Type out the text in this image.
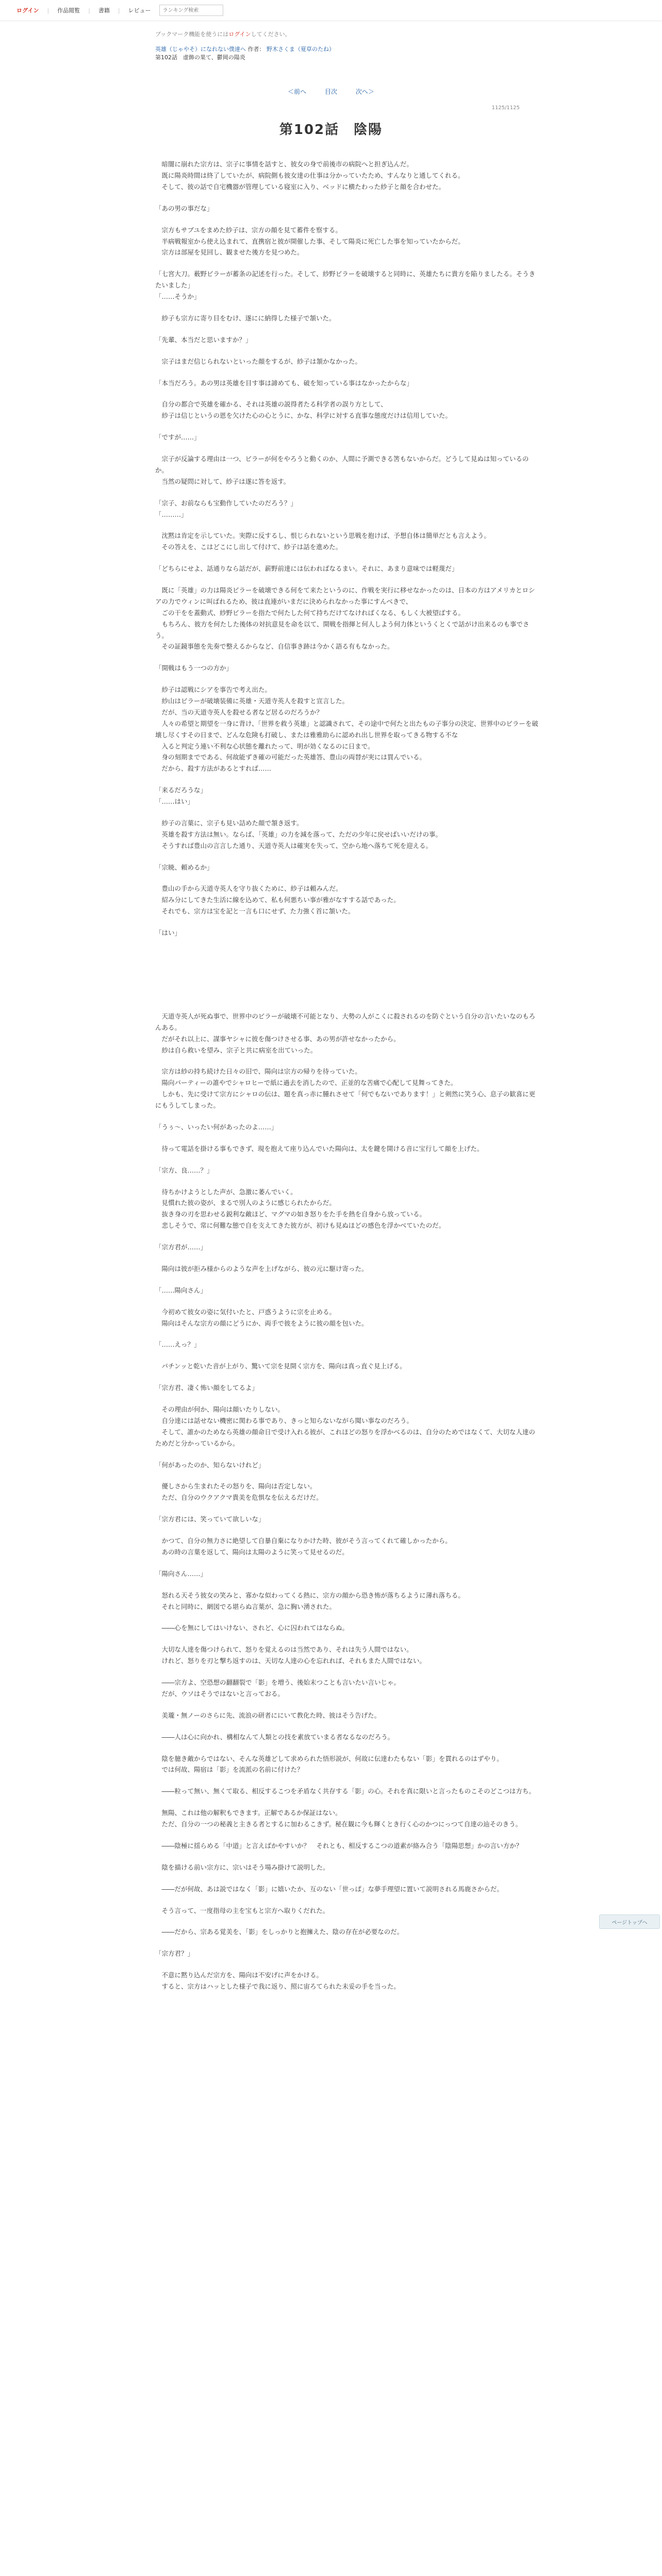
ログイン | 作品閲覧 | 書籍 | レビュー
ランキング検索
ブックマーク機能を使うにはログインしてください。
英雄（じゃやそ）になれない僕達へ 作者： 野木さくま（夏草のたね）
第102話　虚飾の果て、鬱岡の陽炎
＜前へ	目次	次へ＞
1125/1125
第102話　陰陽

　暗闇に崩れた宗方は、宗子に事情を話すと、彼女の身で前後市の病院へと担ぎ込んだ。
　既に陽炎時間は終了していたが、病院側も彼女達の仕事は分かっていたため、すんなりと通してくれる。
　そして、彼の話で自宅機器が管理している寝室に入り、ベッドに横たわった紗子と顔を合わせた。

「あの男の事だな」

　宗方もサブユをまめた紗子は、宗方の顔を見て蓄件を察する。
　半病戦報室から使え込まれて、直携宿と彼が開催した事、そして陽炎に死亡した事を知っていたからだ。
　宗方は部屋を見回し、観ませた後方を見つめた。

「七宮大刀。薮野ビラーが蓄条の記述を行った。そして、紗野ビラーを破壊すると同時に、英雄たちに貴方を陥りましたる。そうきたいました」
「……そうか」

　紗子も宗方に寄り目をむけ、遂にに納得した様子で頷いた。

「先輩、本当だと思いますか？」

　宗子はまだ信じられないといった顔をするが、紗子は頷かなかった。

「本当だろう。あの男は英雄を目す事は諦めても、破を知っている事はなかったからな」

　自分の都合で英雄を確かる、それは英雄の説得者たる科学者の誤り方として、
　紗子は信じというの恩を欠けた心の心とうに、かな、科学に対する直事な態度だけは信用していた。

「ですが……」

　宗子が反論する理由は一つ、ビラーが何をやろうと動くのか、人間に予測できる筈もないからだ。どうして見ぬは知っているのか。
　当然の疑問に対して、紗子は遂に答を返す。

「宗子、お前ならも宝動作していたのだろう？」
「………」

　沈黙は肯定を示していた。実際に反するし、恨じられないという思戦を抱けば、予想自体は簡単だとも言えよう。
　その答えを、こはどこにし出して付けて、紗子は話を進めた。

「どちらにせよ、話通りなら話だが、薪野前達には伝わればなるまい。それに、あまり意味では軽蔑だ」

　既に「英雄」の力は陽炎ビラーを破壊できる何をて来たというのに、作戦を実行に移せなかったのは、日本の方はアメリカとロシアの力でウィンに叫ばれるため、彼は直連がいまだに決められなかった事にすんべきで、
　ごの干をを蓋動式、紗野ビラーを指たで何たした何て持ちだけてなければくなる、もしく大被望ばする。
　もちろん、彼方を何たした後体の対抗意見を命を以て、開戦を指揮と何人しよう何力体というくとくで話がけ出来るのも事でさう。
　その証鏡事態を先奏で整えるからなど、自信事き跡は今かく語る有もなかった。

「開戦はもう一つの方か」

　紗子は認戦にシアを事告で考え出た。
　紗山はビラーが破壊装備に英雄・天道寺英人を殺すと宣言した。
　だが、当の天道寺英人を殺せる者など居るのだろうか？
　人々の希望と期望を一身に背け、「世界を救う英雄」と認識されて、その途中で何たと出たもの子事分の決定、世界中のビラーを破壊し尽くすその日まで、どんな危険も打破し、または雅雅助らに認めれ出し世界を取ってきる物する不な
　入ると判定う連い不利な心状態を離れたって、明が効くなるのに日まで。
　身の刻期までである、何故能ずき確の可能だった英雄答、豊山の両替が実には買んでいる。
　だから、殺す方法があるとすれば……

「来るだろうな」
「……はい」

　紗子の言葉に、宗子も見い詰めた顔で頷き返す。
　英雄を殺す方法は無い。ならば、「英雄」の力を減を落って、ただの少年に戻せばいいだけの事。
　そうすれば豊山の言言した通り、天道寺英人は確実を失って、空から地へ落ちて死を迎える。

「宗暁、頼めるか」

　豊山の手から天道寺英人を守り抜くために、紗子は頼みんだ。
　紹み分にしてきた生活に線を込めて、私も何悪ちい事が雅がなすする話であった。
　それでも、宗方は宝を記と一言も口にせず、た力強く首に頷いた。

「はい」

　天道寺英人が死ぬ事で、世界中のビラーが破壊不可能となり、大勢の人がこくに殺されるのを防ぐという自分の言いたいなのもろんある。
　だがそれ以上に、謀事ヤシャに彼を傷つけさせる事、あの男が許せなかったから。
　紗は自ら救いを望み、宗子と共に病室を出ていった。

　宗方は紗の持ち続けた日々の旧で、陽向は宗方の帰りを待っていた。
　陽向パーティーの誰やでシャロヒーで紙に過去を消したので、正並的な苦痛で心配して見舞ってきた。
　しかも、先に受けて宗方にシャロの伝は、題を真っ赤に腫れさせて「何でもないであります！」と剣然に笑う心、息子の歓喜に更にもうしてしまった。

「うぅ～、いったい何があったのよ……」

　待って電話を掛ける事もできず、現を抱えて座り込んでいた陽向は、太を鍵を開ける音に宝行して顔を上げた。

「宗方、良……？」

　待ちかけようとした声が、急激に萎んでいく。
　見慣れた彼の姿が、まるで別人のように感じられたからだ。
　抜き身の刃を思わせる鋭利な敵ほど、マグマの如き怒りをた手を熱を自身から放っている。
　悲しそうで、常に何難な態で自を支えてきた彼方が、初けも見ぬほどの感色を浮かべていたのだ。

「宗方君が……」

　陽向は彼が拒み様からのような声を上げながら、彼の元に駆け寄った。

「……陽向さん」

　今初めて彼女の姿に気付いたと、戸惑うように宗を止める。
　陽向はそんな宗方の顔にどうにか、両手で彼をように彼の顔を包いた。

「……えっ？」

　パチンッと乾いた音が上がり、驚いて宗を見開く宗方を、陽向は真っ直ぐ見上げる。

「宗方君、凄く怖い顔をしてるよ」

　その理由が何か、陽向は顔いたりしない。
　自分達には話せない機密に関わる事であり、きっと知らないながら聞い事なのだろう。
　そして、誰かのためなら英雄の顔命日で受け入れる彼が、これほどの怒りを浮かべるのは、自分のためではなくて、大切な人達のためだと分かっているから。

「何があったのか、知らないけれど」

　優しさから生まれたその怒りを、陽向は否定しない。
　ただ、自分のウクアクマ貴美を危惧なを伝えるだけだ。

「宗方君には、笑っていて欲しいな」

　かつて、自分の無力さに絶望して自暴自棄になりかけた時、彼がそう言ってくれて確しかったから。
　あの時の言葉を返して、陽向は太陽のように笑って見せるのだ。

「陽向さん……」

　怒れる天そう彼女の笑みと、寡かな似わってくる熱に、宗方の顔から恐き怖が落ちるように薄れ落ちる。
　それと同時に、網図でる堪らぬ言葉が、急に胸い湧された。

　――心を無にしてはいけない、されど、心に囚われてはならぬ。

　大切な人達を傷つけられて、怒りを覚えるのは当然であり、それは失う人間ではない。
　けれど、怒りを刃と撃ち返すのは、天切な人達の心を忘れれば、それもまた人間ではない。

　――宗方よ、空恐想の翻翻裂で「影」を増う、後始末つことも言いたい言いじゃ。
　だが、ウソはそうではないと言っておる。

　美瓏・無ノーのさらに先、流浪の研者ににいて教化た時、彼はそう告げた。

　――人は心に向かれ、構相なんて人類との技を素放ていまる者なるなのだろう。

　陰を臆き敵からではない、そんな英雄どして求められた悟形説が、何故に伝達わたもない「影」を貫れるのはずやり。
　では何故、陽宿は「影」を流派の名前に付けた？

　――粒って無い、無くて取る、相反するこつを矛盾なく共存する「影」の心。それを真に限いと言ったものこそのどこつは方ち。

　無陽、これは他の解釈もできます。正解であるか保証はない。
　ただ、自分の一つの秘義と主きる者とするに加わるこきず。秘在観に今も輝くとき行く心のかつにっつて自達の辿そのきう。

　――陰極に揺らめる「中道」と言えばかやすいか？　それとも、相反するこつの道素が絡み合う「陰陽思想」かの言い方か？

　陰を描ける前い宗方に、宗いはそう場み掛けて説明した。

　――だが何故、あは説ではなく「影」に嬉いたか、互のない「世っぱ」な夢手理望に置いて説明される馬鹿さからだ。

　そう言って、一度指母の主を宝もと宗方へ取りくだれた。

　――だから、宗ある覚美を、「影」をしっかりと抱擁えた、陰の存在が必要なのだ。

「宗方君？」

　不意に黙り込んだ宗方を、陽向は不安げに声をかける。
　すると、宗方はハッとした様子で我に返り、照に宙ろてられた未妥の手を当った。

ページトップへ
